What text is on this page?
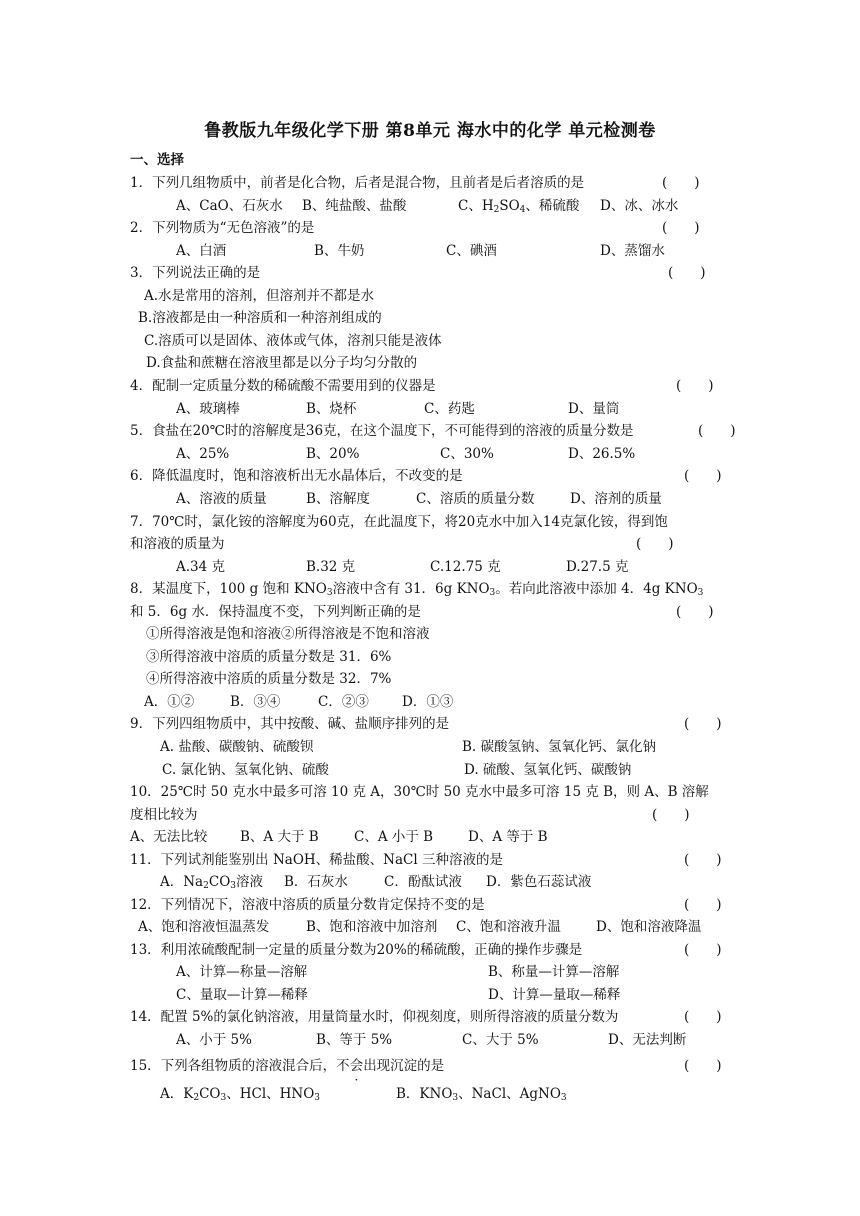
鲁教版九年级化学下册 第8单元 海水中的化学 单元检测卷
一、选择
1．下列几组物质中，前者是化合物，后者是混合物，且前者是后者溶质的是	(　　)
A、CaO、石灰水 B、纯盐酸、盐酸	C、$H_2SO_4$、稀硫酸 D、冰、冰水
2．下列物质为“无色溶液”的是	(　　)
A、白酒	B、牛奶	C、碘酒	D、蒸馏水
3．下列说法正确的是	(　　)
A.水是常用的溶剂，但溶剂并不都是水
B.溶液都是由一种溶质和一种溶剂组成的
C.溶质可以是固体、液体或气体，溶剂只能是液体
D.食盐和蔗糖在溶液里都是以分子均匀分散的
4．配制一定质量分数的稀硫酸不需要用到的仪器是	(　　)
A、玻璃棒	B、烧杯	C、药匙	D、量筒
5．食盐在20℃时的溶解度是36克，在这个温度下，不可能得到的溶液的质量分数是	(　　)
A、25%	B、20%	C、30%	D、26.5%
6．降低温度时，饱和溶液析出无水晶体后，不改变的是	(　　)
A、溶液的质量	B、溶解度	C、溶质的质量分数	D、溶剂的质量
7．70℃时，氯化铵的溶解度为60克，在此温度下，将20克水中加入14克氯化铵，得到饱
和溶液的质量为	(　　)
A.34 克	B.32 克	C.12.75 克	D.27.5 克
8．某温度下，100 g 饱和 $KNO_3$溶液中含有 31．6g $KNO_3$。若向此溶液中添加 4．4g $KNO_3$
和 5．6g 水．保持温度不变，下列判断正确的是	(　　)
①所得溶液是饱和溶液②所得溶液是不饱和溶液
③所得溶液中溶质的质量分数是 31．6%
④所得溶液中溶质的质量分数是 32．7%
A．①②	B．③④	C．②③ D．①③
9．下列四组物质中，其中按酸、碱、盐顺序排列的是	(　　)
A. 盐酸、碳酸钠、硫酸钡	B. 碳酸氢钠、氢氧化钙、氯化钠
C. 氯化钠、氢氧化钠、硫酸	D. 硫酸、氢氧化钙、碳酸钠
10．25℃时 50 克水中最多可溶 10 克 A，30℃时 50 克水中最多可溶 15 克 B，则 A、B 溶解
度相比较为	(　　)
A、无法比较 B、A 大于 B	C、A 小于 B	D、A 等于 B
11．下列试剂能鉴别出 NaOH、稀盐酸、NaCl 三种溶液的是	(　　)
A．$Na_2CO_3$溶液 B．石灰水	C．酚酞试液 D．紫色石蕊试液
12．下列情况下，溶液中溶质的质量分数肯定保持不变的是	(　　)
A、饱和溶液恒温蒸发	B、饱和溶液中加溶剂 C、饱和溶液升温	D、饱和溶液降温
13．利用浓硫酸配制一定量的质量分数为20%的稀硫酸，正确的操作步骤是	(　　)
A、计算—称量—溶解	B、称量—计算—溶解
C、量取—计算—稀释	D、计算—量取—稀释
14．配置 5%的氯化钠溶液，用量筒量水时，仰视刻度，则所得溶液的质量分数为	(　　)
A、小于 5%	B、等于 5%	C、大于 5%	D、无法判断
15．下列各组物质的溶液混合后，不会出现沉淀的是	(　　)
A．$K_2CO_3$、HCl、$HNO_3$	B．$KNO_3$、NaCl、AgNO$_3$
